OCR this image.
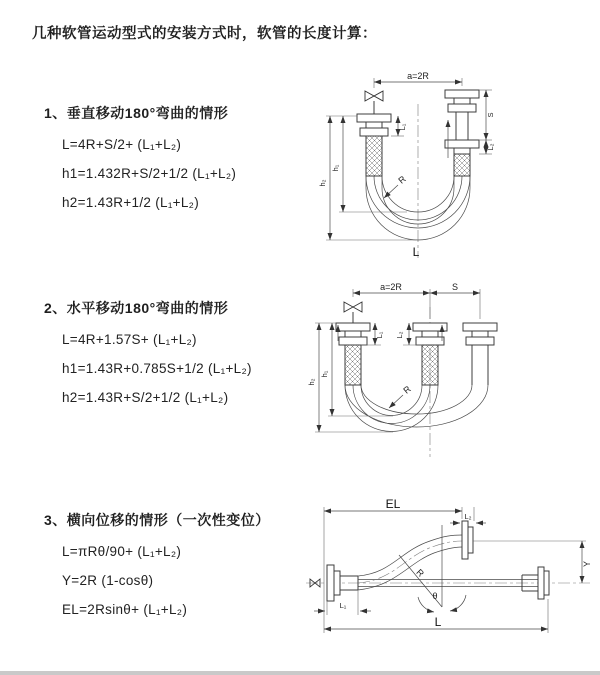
几种软管运动型式的安装方式时，软管的长度计算：
1、垂直移动180°弯曲的情形
L=4R+S/2+ (L₁+L₂)
h1=1.432R+S/2+1/2 (L₁+L₂)
h2=1.43R+1/2 (L₁+L₂)
2、水平移动180°弯曲的情形
L=4R+1.57S+ (L₁+L₂)
h1=1.43R+0.785S+1/2 (L₁+L₂)
h2=1.43R+S/2+1/2 (L₁+L₂)
3、横向位移的情形（一次性变位）
L=πRθ/90+ (L₁+L₂)
Y=2R (1-cosθ)
EL=2Rsinθ+ (L₁+L₂)
a=2R
h₂
h₁
L₁
S
L₂
R
L
a=2R	S
h₂
h₁
L₁ L₂
R
R
θ
EL
L₂
Y
L
L₁
